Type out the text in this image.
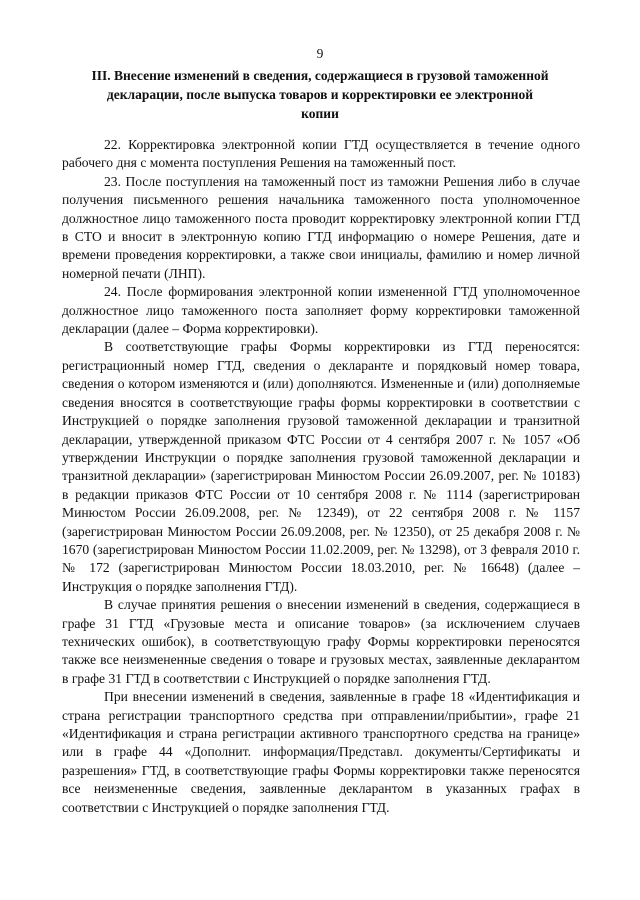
9
III. Внесение изменений в сведения, содержащиеся в грузовой таможенной декларации, после выпуска товаров и корректировки ее электронной копии

22. Корректировка электронной копии ГТД осуществляется в течение одного рабочего дня с момента поступления Решения на таможенный пост.

23. После поступления на таможенный пост из таможни Решения либо в случае получения письменного решения начальника таможенного поста уполномоченное должностное лицо таможенного поста проводит корректировку электронной копии ГТД в СТО и вносит в электронную копию ГТД информацию о номере Решения, дате и времени проведения корректировки, а также свои инициалы, фамилию и номер личной номерной печати (ЛНП).

24. После формирования электронной копии измененной ГТД уполномоченное должностное лицо таможенного поста заполняет форму корректировки таможенной декларации (далее – Форма корректировки).

В соответствующие графы Формы корректировки из ГТД переносятся: регистрационный номер ГТД, сведения о декларанте и порядковый номер товара, сведения о котором изменяются и (или) дополняются. Измененные и (или) дополняемые сведения вносятся в соответствующие графы формы корректировки в соответствии с Инструкцией о порядке заполнения грузовой таможенной декларации и транзитной декларации, утвержденной приказом ФТС России от 4 сентября 2007 г. № 1057 «Об утверждении Инструкции о порядке заполнения грузовой таможенной декларации и транзитной декларации» (зарегистрирован Минюстом России 26.09.2007, рег. № 10183) в редакции приказов ФТС России от 10 сентября 2008 г. № 1114 (зарегистрирован Минюстом России 26.09.2008, рег. № 12349), от 22 сентября 2008 г. № 1157 (зарегистрирован Минюстом России 26.09.2008, рег. № 12350), от 25 декабря 2008 г. № 1670 (зарегистрирован Минюстом России 11.02.2009, рег. № 13298), от 3 февраля 2010 г. № 172 (зарегистрирован Минюстом России 18.03.2010, рег. № 16648) (далее – Инструкция о порядке заполнения ГТД).

В случае принятия решения о внесении изменений в сведения, содержащиеся в графе 31 ГТД «Грузовые места и описание товаров» (за исключением случаев технических ошибок), в соответствующую графу Формы корректировки переносятся также все неизмененные сведения о товаре и грузовых местах, заявленные декларантом в графе 31 ГТД в соответствии с Инструкцией о порядке заполнения ГТД.

При внесении изменений в сведения, заявленные в графе 18 «Идентификация и страна регистрации транспортного средства при отправлении/прибытии», графе 21 «Идентификация и страна регистрации активного транспортного средства на границе» или в графе 44 «Дополнит. информация/Представл. документы/Сертификаты и разрешения» ГТД, в соответствующие графы Формы корректировки также переносятся все неизмененные сведения, заявленные декларантом в указанных графах в соответствии с Инструкцией о порядке заполнения ГТД.
